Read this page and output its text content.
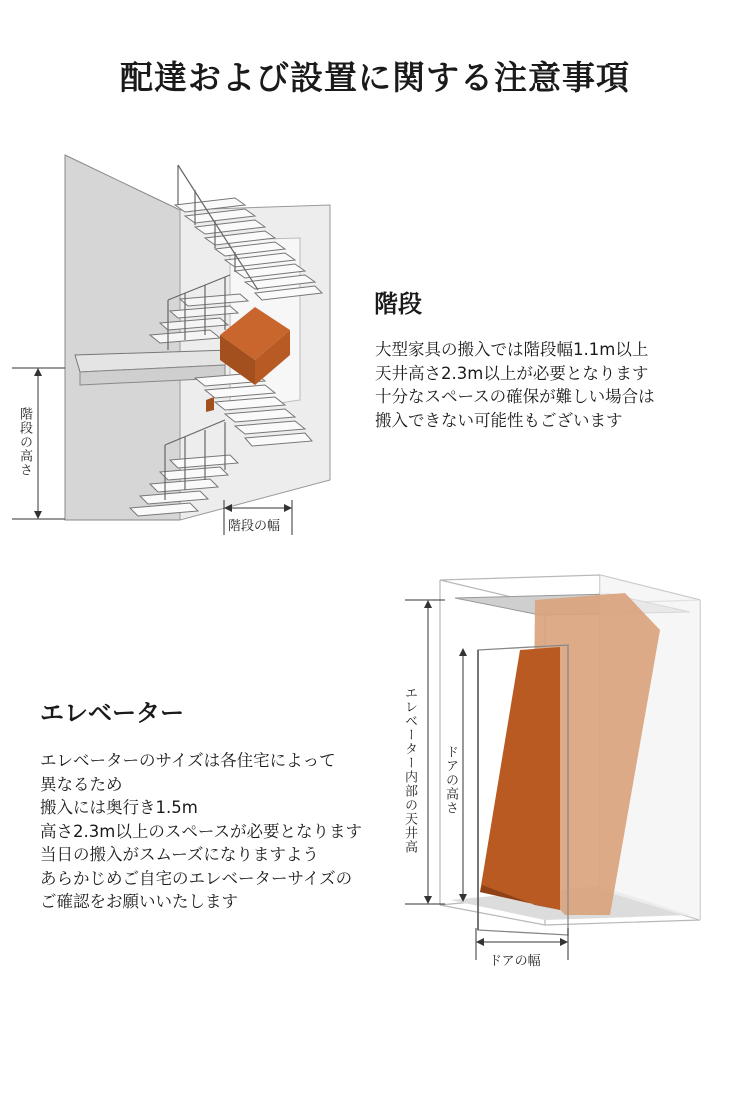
配達および設置に関する注意事項
階段の高さ
階段の幅
階段
大型家具の搬入では階段幅1.1m以上
天井高さ2.3m以上が必要となります
十分なスペースの確保が難しい場合は
搬入できない可能性もございます
エレベーター内部の天井高 ドアの高さ
ドアの幅
エレベーター
エレベーターのサイズは各住宅によって
異なるため
搬入には奥行き1.5m
高さ2.3m以上のスペースが必要となります
当日の搬入がスムーズになりますよう
あらかじめご自宅のエレベーターサイズの
ご確認をお願いいたします
